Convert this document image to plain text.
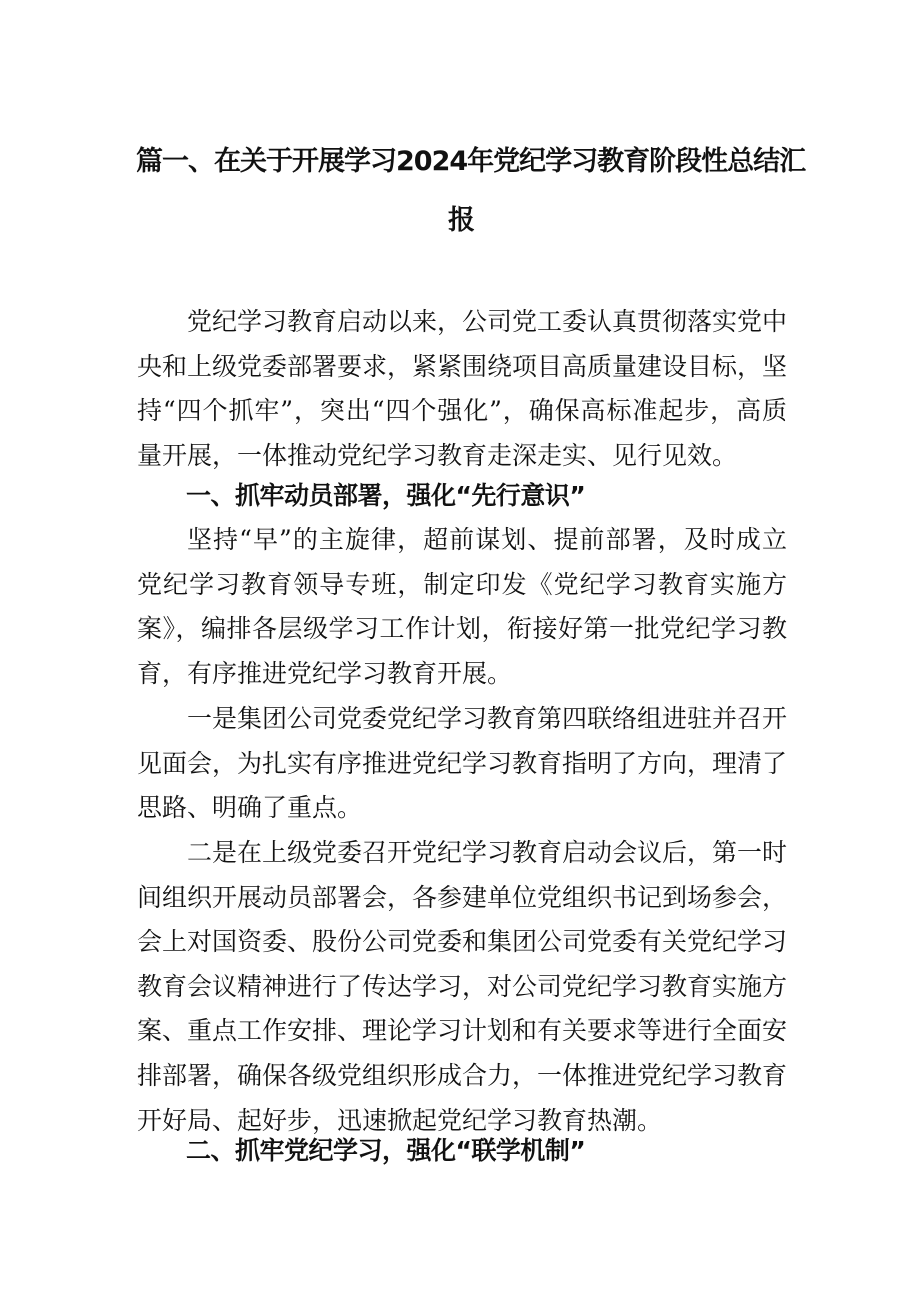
篇一、在关于开展学习2024年党纪学习教育阶段性总结汇
报

党纪学习教育启动以来，公司党工委认真贯彻落实党中央和上级党委部署要求，紧紧围绕项目高质量建设目标，坚持“四个抓牢”，突出“四个强化”，确保高标准起步，高质量开展，一体推动党纪学习教育走深走实、见行见效。

一、抓牢动员部署，强化“先行意识”

坚持“早”的主旋律，超前谋划、提前部署，及时成立党纪学习教育领导专班，制定印发《党纪学习教育实施方案》，编排各层级学习工作计划，衔接好第一批党纪学习教育，有序推进党纪学习教育开展。

一是集团公司党委党纪学习教育第四联络组进驻并召开见面会，为扎实有序推进党纪学习教育指明了方向，理清了思路、明确了重点。

二是在上级党委召开党纪学习教育启动会议后，第一时间组织开展动员部署会，各参建单位党组织书记到场参会，会上对国资委、股份公司党委和集团公司党委有关党纪学习教育会议精神进行了传达学习，对公司党纪学习教育实施方案、重点工作安排、理论学习计划和有关要求等进行全面安排部署，确保各级党组织形成合力，一体推进党纪学习教育开好局、起好步，迅速掀起党纪学习教育热潮。

二、抓牢党纪学习，强化“联学机制”
